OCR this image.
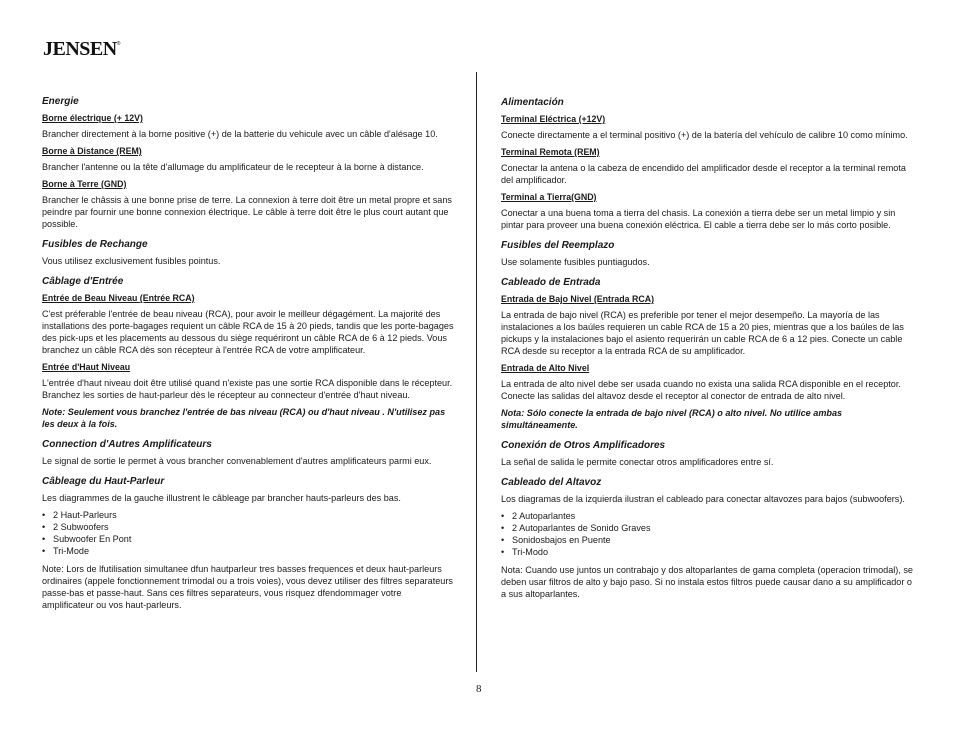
JENSEN®
Energie
Borne électrique (+ 12V)
Brancher directement à la borne positive (+) de la batterie du vehicule avec un câble d'alésage 10.
Borne à Distance (REM)
Brancher l'antenne ou la tête d'allumage du amplificateur de le recepteur à la borne à distance.
Borne à Terre (GND)
Brancher le châssis à une bonne prise de terre. La connexion à terre doit être un metal propre et sans peindre par fournir une bonne connexion électrique. Le câble à terre doit être le plus court autant que possible.
Fusibles de Rechange
Vous utilisez exclusivement fusibles pointus.
Câblage d'Entrée
Entrée de Beau Niveau (Entrée RCA)
C'est préferable l'entrée de beau niveau (RCA), pour avoir le meilleur dégagément. La majorité des installations des porte-bagages requient un câble RCA de 15 à 20 pieds, tandis que les porte-bagages des pick-ups et les placements au dessous du siège requériront un câble RCA de 6 à 12 pieds. Vous branchez un câble RCA dès son récepteur à l'entrée RCA de votre amplificateur.
Entrée d'Haut Niveau
L'entrée d'haut niveau doit être utilisé quand n'existe pas une sortie RCA disponible dans le récepteur. Branchez les sorties de haut-parleur dès le récepteur au connecteur d'entrée d'haut niveau.
Note: Seulement vous branchez l'entrée de bas niveau (RCA) ou d'haut niveau . N'utilisez pas les deux à la fois.
Connection d'Autres Amplificateurs
Le signal de sortie le permet à vous brancher convenablement d'autres amplificateurs parmi eux.
Câbleage du Haut-Parleur
Les diagrammes de la gauche illustrent le câbleage par brancher hauts-parleurs des bas.
• 2 Haut-Parleurs
• 2 Subwoofers
• Subwoofer En Pont
• Tri-Mode
Note: Lors de lfutilisation simultanee dfun hautparleur tres basses frequences et deux haut-parleurs ordinaires (appele fonctionnement trimodal ou a trois voies), vous devez utiliser des filtres separateurs passe-bas et passe-haut. Sans ces filtres separateurs, vous risquez dfendommager votre amplificateur ou vos haut-parleurs.
Alimentación
Terminal Eléctrica (+12V)
Conecte directamente a el terminal positivo (+) de la batería del vehículo de calibre 10 como mínimo.
Terminal Remota (REM)
Conectar la antena o la cabeza de encendido del amplificador desde el receptor a la terminal remota del amplificador.
Terminal a Tierra(GND)
Conectar a una buena toma a tierra del chasis. La conexión a tierra debe ser un metal limpio y sin pintar para proveer una buena conexión eléctrica. El cable a tierra debe ser lo más corto posible.
Fusibles del Reemplazo
Use solamente fusibles puntiagudos.
Cableado de Entrada
Entrada de Bajo Nivel (Entrada RCA)
La entrada de bajo nivel (RCA) es preferible por tener el mejor desempeño. La mayoría de las instalaciones a los baúles requieren un cable RCA de 15 a 20 pies, mientras que a los baúles de las pickups y la instalaciones bajo el asiento requerirán un cable RCA de 6 a 12 pies. Conecte un cable RCA desde su receptor a la entrada RCA de su amplificador.
Entrada de Alto Nivel
La entrada de alto nivel debe ser usada cuando no exista una salida RCA disponible en el receptor. Conecte las salidas del altavoz desde el receptor al conector de entrada de alto nivel.
Nota: Sólo conecte la entrada de bajo nivel (RCA) o alto nivel. No utilice ambas simultáneamente.
Conexión de Otros Amplificadores
La señal de salida le permite conectar otros amplificadores entre sí.
Cableado del Altavoz
Los diagramas de la izquierda ilustran el cableado para conectar altavozes para bajos (subwoofers).
• 2 Autoparlantes
• 2 Autoparlantes de Sonido Graves
• Sonidosbajos en Puente
• Tri-Modo
Nota: Cuando use juntos un contrabajo y dos altoparlantes de gama completa (operacion trimodal), se deben usar filtros de alto y bajo paso. Si no instala estos filtros puede causar dano a su amplificador o a sus altoparlantes.
8
